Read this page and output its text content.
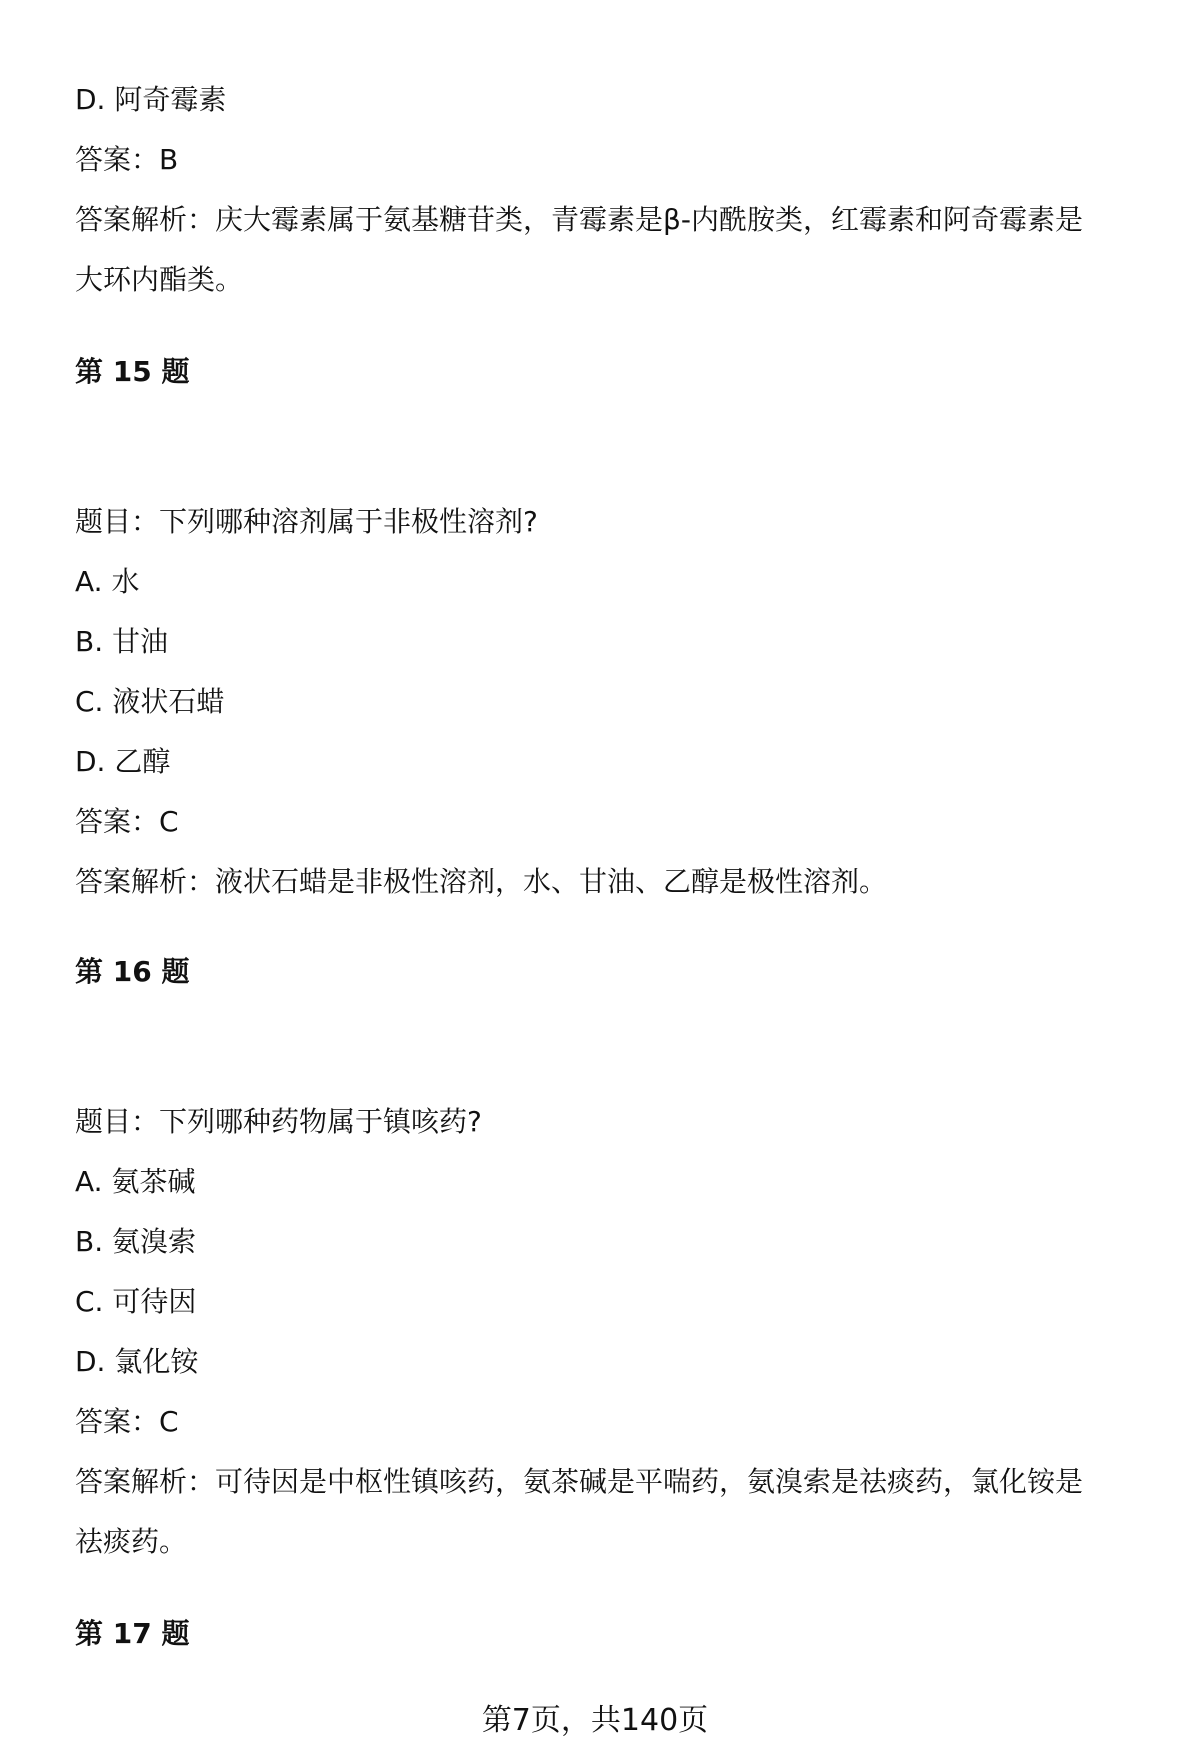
D. 阿奇霉素
答案：B
答案解析：庆大霉素属于氨基糖苷类，青霉素是β-内酰胺类，红霉素和阿奇霉素是
大环内酯类。
第 15 题
题目：下列哪种溶剂属于非极性溶剂?
A. 水
B. 甘油
C. 液状石蜡
D. 乙醇
答案：C
答案解析：液状石蜡是非极性溶剂，水、甘油、乙醇是极性溶剂。
第 16 题
题目：下列哪种药物属于镇咳药?
A. 氨茶碱
B. 氨溴索
C. 可待因
D. 氯化铵
答案：C
答案解析：可待因是中枢性镇咳药，氨茶碱是平喘药，氨溴索是祛痰药，氯化铵是
祛痰药。
第 17 题
第7页，共140页
